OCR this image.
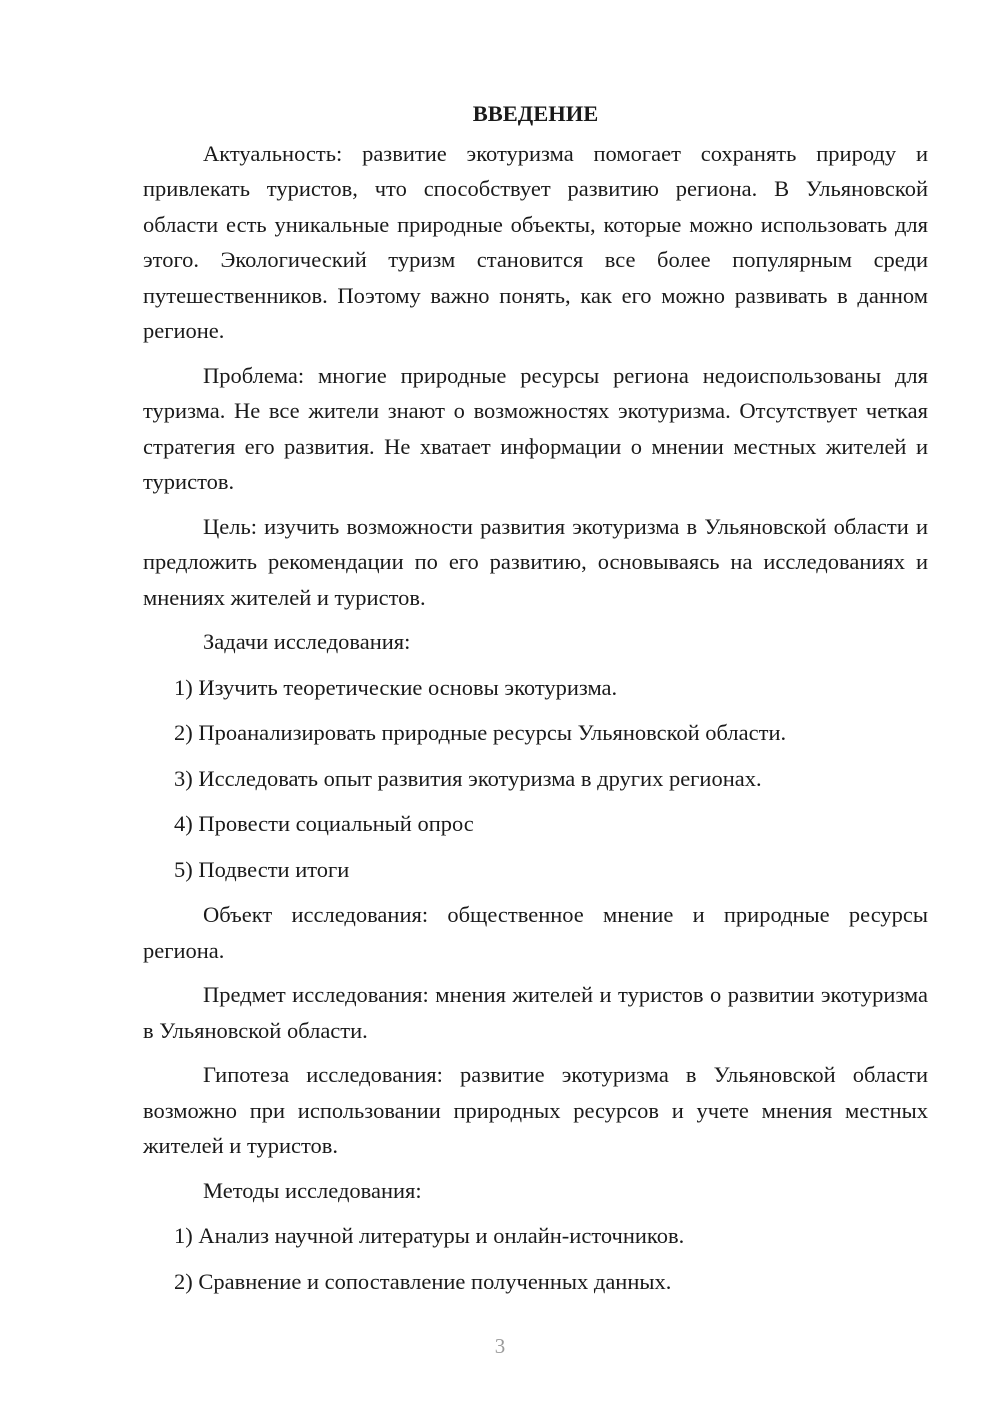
ВВЕДЕНИЕ

Актуальность: развитие экотуризма помогает сохранять природу и привлекать туристов, что способствует развитию региона. В Ульяновской области есть уникальные природные объекты, которые можно использовать для этого. Экологический туризм становится все более популярным среди путешественников. Поэтому важно понять, как его можно развивать в данном регионе.

Проблема: многие природные ресурсы региона недоиспользованы для туризма. Не все жители знают о возможностях экотуризма. Отсутствует четкая стратегия его развития. Не хватает информации о мнении местных жителей и туристов.

Цель: изучить возможности развития экотуризма в Ульяновской области и предложить рекомендации по его развитию, основываясь на исследованиях и мнениях жителей и туристов.

Задачи исследования:

1) Изучить теоретические основы экотуризма.
2) Проанализировать природные ресурсы Ульяновской области.
3) Исследовать опыт развития экотуризма в других регионах.
4) Провести социальный опрос
5) Подвести итоги

Объект исследования: общественное мнение и природные ресурсы региона.

Предмет исследования: мнения жителей и туристов о развитии экотуризма в Ульяновской области.

Гипотеза исследования: развитие экотуризма в Ульяновской области возможно при использовании природных ресурсов и учете мнения местных жителей и туристов.

Методы исследования:

1) Анализ научной литературы и онлайн-источников.
2) Сравнение и сопоставление полученных данных.
3
